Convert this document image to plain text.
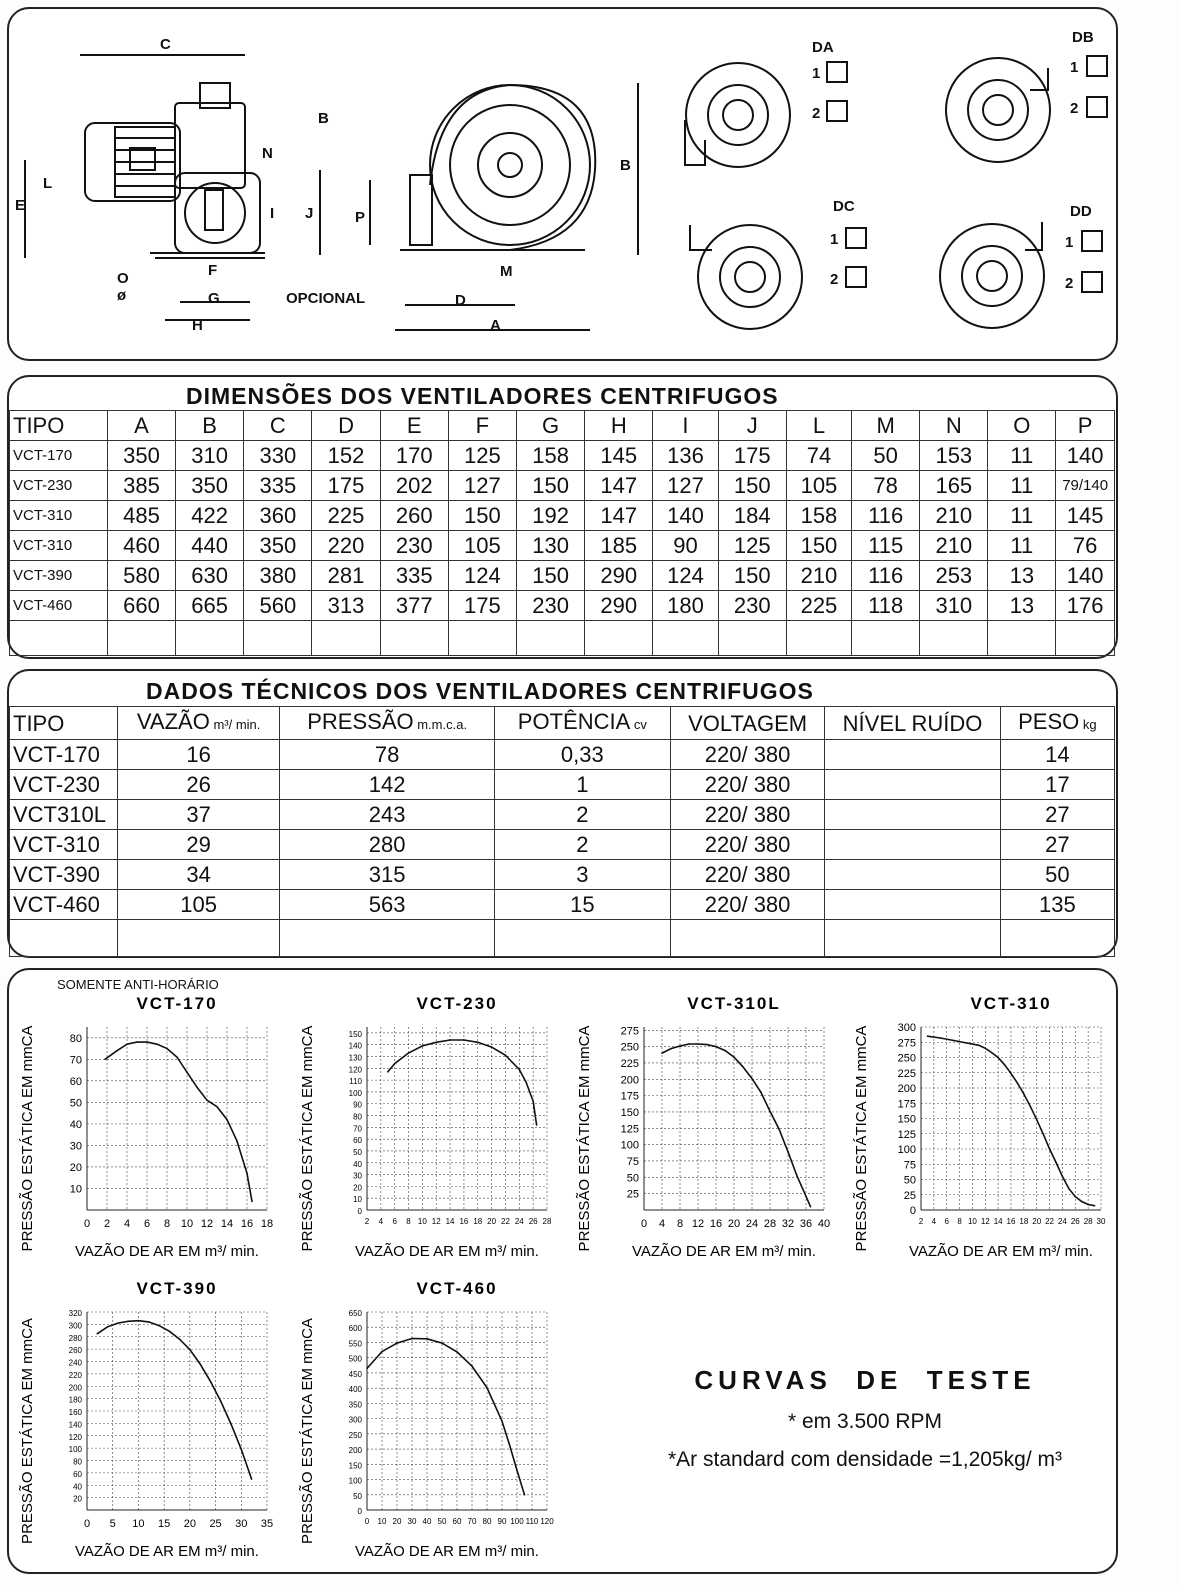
C
B
N
E
L
I J
O
ø
F
G
H
P
D
A
M
B
OPCIONAL
DA
1
2
DB
1
2
DC
1
2
DD
1
2
DIMENSÕES DOS VENTILADORES CENTRIFUGOS
TIPO	A	B	C	D	E	F	G	H	I	J	L	M	N	O	P
VCT-170	350	310	330	152	170	125	158	145	136	175	74	50	153	11	140
VCT-230	385	350	335	175	202	127	150	147	127	150	105	78	165	11	79/140
VCT-310	485	422	360	225	260	150	192	147	140	184	158	116	210	11	145
VCT-310	460	440	350	220	230	105	130	185	90	125	150	115	210	11	76
VCT-390	580	630	380	281	335	124	150	290	124	150	210	116	253	13	140
VCT-460	660	665	560	313	377	175	230	290	180	230	225	118	310	13	176

DADOS TÉCNICOS DOS VENTILADORES CENTRIFUGOS
TIPO	VAZÃO m³/ min.	PRESSÃO m.m.c.a.	POTÊNCIA cv	VOLTAGEM	NÍVEL RUÍDO	PESO kg
VCT-170	16	78	0,33	220/ 380		14
VCT-230	26	142	1	220/ 380		17
VCT310L	37	243	2	220/ 380		27
VCT-310	29	280	2	220/ 380		27
VCT-390	34	315	3	220/ 380		50
VCT-460	105	563	15	220/ 380		135

SOMENTE ANTI-HORÁRIO
VCT-170
0 2 4 6 8 10 12 14 16 18
10
20
30
40
50
60
70
80
VAZÃO DE AR EM m³/ min.
PRESSÃO ESTÁTICA EM mmCA
VCT-230
2 4 6 8 10 12 14 16 18 20 22 24 26 28
0
10
20
30
40
50
60
70
80
90
100
110
120
130
140
150
VAZÃO DE AR EM m³/ min.
PRESSÃO ESTÁTICA EM mmCA
VCT-310L
0 4 8 12 16 20 24 28 32 36 40
25
50
75
100
125
150
175
200
225
250
275
VAZÃO DE AR EM m³/ min.
PRESSÃO ESTÁTICA EM mmCA
VCT-310
2 4 6 8 10 12 14 16 18 20 22 24 26 28 30
0
25
50
75
100
125
150
175
200
225
250
275
300
VAZÃO DE AR EM m³/ min.
PRESSÃO ESTÁTICA EM mmCA
VCT-390
0 5 10 15 20 25 30 35
20
40
60
80
100
120
140
160
180
200
220
240
260
280
300
320
VAZÃO DE AR EM m³/ min.
PRESSÃO ESTÁTICA EM mmCA
VCT-460
0 10 20 30 40 50 60 70 80 90 100 110 120
0
50
100
150
200
250
300
350
400
450
500
550
600
650
VAZÃO DE AR EM m³/ min.
PRESSÃO ESTÁTICA EM mmCA	CURVAS  DE  TESTE
* em 3.500 RPM
*Ar standard com densidade =1,205kg/ m³
